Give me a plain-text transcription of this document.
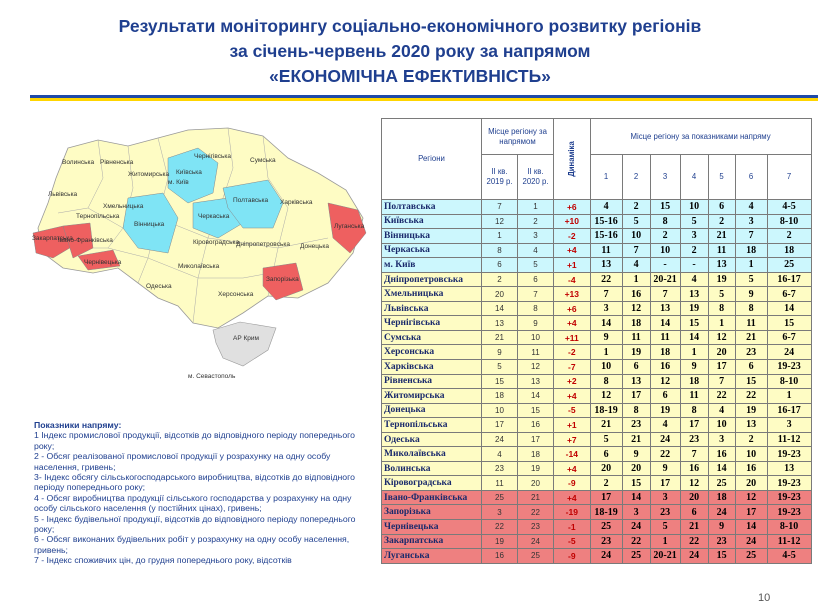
Результати моніторингу соціально-економічного розвитку регіонів
за січень-червень 2020 року за напрямом
«ЕКОНОМІЧНА ЕФЕКТИВНІСТЬ»
Волинська Рівненська
Житомирська Київська
м. Київ
Чернігівська
Сумська
Львівська
Тернопільська
Хмельницька
Вінницька
Черкаська
Полтавська Харківська
Закарпатська
Івано-Франківська
Чернівецька
Кіровоградська
Дніпропетровська Донецька
Луганська
Миколаївська
Запорізька
Одеська
Херсонська
АР Крим
м. Севастополь
Показники напряму:
1 Індекс промислової продукції, відсотків до відповідного періоду попереднього року;
2 - Обсяг реалізованої промислової продукції у розрахунку на одну особу населення, гривень;
3- Індекс обсягу сільськогосподарського виробництва, відсотків до відповідного періоду попереднього року;
4 - Обсяг виробництва продукції сільського господарства у розрахунку на одну особу сільського населення (у постійних цінах), гривень;
5 - Індекс будівельної продукції, відсотків до відповідного періоду попереднього року;
6 - Обсяг виконаних будівельних робіт у розрахунку на одну особу населення, гривень;
7 - Індекс споживчих цін, до грудня попереднього року, відсотків
Регіони	Місце регіону за напрямом		Динаміка	Місце регіону за показниками напряму						
	ІІ кв. 2019 р.	ІІ кв. 2020 р.		1	2	3	4	5	6	7
Полтавська	7	1	+6	4	2	15	10	6	4	4-5
Київська	12	2	+10	15-16	5	8	5	2	3	8-10
Вінницька	1	3	-2	15-16	10	2	3	21	7	2
Черкаська	8	4	+4	11	7	10	2	11	18	18
м. Київ	6	5	+1	13	4	-	-	13	1	25
Дніпропетровська	2	6	-4	22	1	20-21	4	19	5	16-17
Хмельницька	20	7	+13	7	16	7	13	5	9	6-7
Львівська	14	8	+6	3	12	13	19	8	8	14
Чернігівська	13	9	+4	14	18	14	15	1	11	15
Сумська	21	10	+11	9	11	11	14	12	21	6-7
Херсонська	9	11	-2	1	19	18	1	20	23	24
Харківська	5	12	-7	10	6	16	9	17	6	19-23
Рівненська	15	13	+2	8	13	12	18	7	15	8-10
Житомирська	18	14	+4	12	17	6	11	22	22	1
Донецька	10	15	-5	18-19	8	19	8	4	19	16-17
Тернопільська	17	16	+1	21	23	4	17	10	13	3
Одеська	24	17	+7	5	21	24	23	3	2	11-12
Миколаївська	4	18	-14	6	9	22	7	16	10	19-23
Волинська	23	19	+4	20	20	9	16	14	16	13
Кіровоградська	11	20	-9	2	15	17	12	25	20	19-23
Івано-Франківська	25	21	+4	17	14	3	20	18	12	19-23
Запорізька	3	22	-19	18-19	3	23	6	24	17	19-23
Чернівецька	22	23	-1	25	24	5	21	9	14	8-10
Закарпатська	19	24	-5	23	22	1	22	23	24	11-12
Луганська	16	25	-9	24	25	20-21	24	15	25	4-5
10
